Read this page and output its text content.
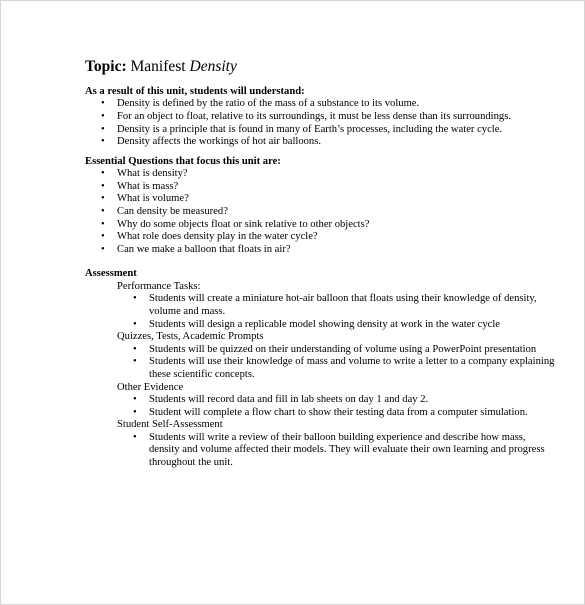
Topic: Manifest Density

As a result of this unit, students will understand:

• Density is defined by the ratio of the mass of a substance to its volume.
• For an object to float, relative to its surroundings, it must be less dense than its surroundings.
• Density is a principle that is found in many of Earth’s processes, including the water cycle.
• Density affects the workings of hot air balloons.

Essential Questions that focus this unit are:

• What is density?
• What is mass?
• What is volume?
• Can density be measured?
• Why do some objects float or sink relative to other objects?
• What role does density play in the water cycle?
• Can we make a balloon that floats in air?

Assessment

Performance Tasks:
• Students will create a miniature hot-air balloon that floats using their knowledge of density, volume and mass.
• Students will design a replicable model showing density at work in the water cycle
Quizzes, Tests, Academic Prompts
• Students will be quizzed on their understanding of volume using a PowerPoint presentation
• Students will use their knowledge of mass and volume to write a letter to a company explaining these scientific concepts.
Other Evidence
• Students will record data and fill in lab sheets on day 1 and day 2.
• Student will complete a flow chart to show their testing data from a computer simulation.
Student Self-Assessment
• Students will write a review of their balloon building experience and describe how mass, density and volume affected their models. They will evaluate their own learning and progress throughout the unit.
